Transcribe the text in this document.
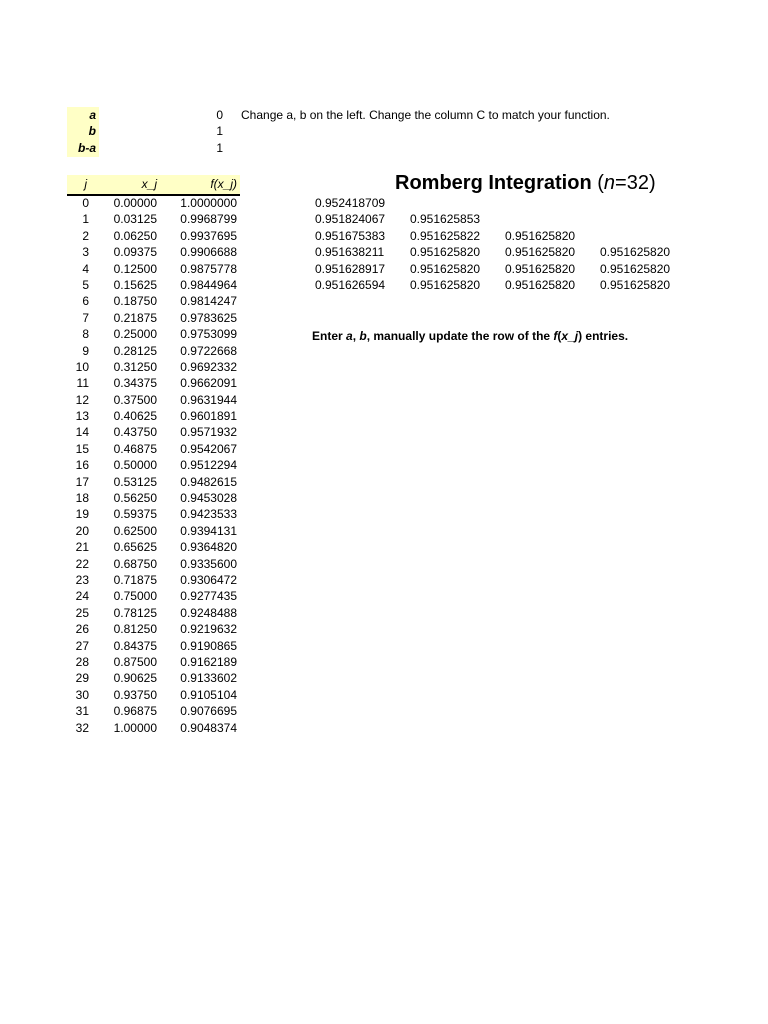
a	0
b	1
b-a	1
Change a, b on the left. Change the column C to match your function.
j	x_j	f(x_j)
0	0.00000	1.0000000
1	0.03125	0.9968799
2	0.06250	0.9937695
3	0.09375	0.9906688
4	0.12500	0.9875778
5	0.15625	0.9844964
6	0.18750	0.9814247
7	0.21875	0.9783625
8	0.25000	0.9753099
9	0.28125	0.9722668
10	0.31250	0.9692332
11	0.34375	0.9662091
12	0.37500	0.9631944
13	0.40625	0.9601891
14	0.43750	0.9571932
15	0.46875	0.9542067
16	0.50000	0.9512294
17	0.53125	0.9482615
18	0.56250	0.9453028
19	0.59375	0.9423533
20	0.62500	0.9394131
21	0.65625	0.9364820
22	0.68750	0.9335600
23	0.71875	0.9306472
24	0.75000	0.9277435
25	0.78125	0.9248488
26	0.81250	0.9219632
27	0.84375	0.9190865
28	0.87500	0.9162189
29	0.90625	0.9133602
30	0.93750	0.9105104
31	0.96875	0.9076695
32	1.00000	0.9048374
Romberg Integration (n=32)
0.952418709
0.951824067 0.951625853
0.951675383 0.951625822 0.951625820
0.951638211 0.951625820 0.951625820 0.951625820
0.951628917 0.951625820 0.951625820 0.951625820
0.951626594 0.951625820 0.951625820 0.951625820
Enter a, b, manually update the row of the f(x_j) entries.
